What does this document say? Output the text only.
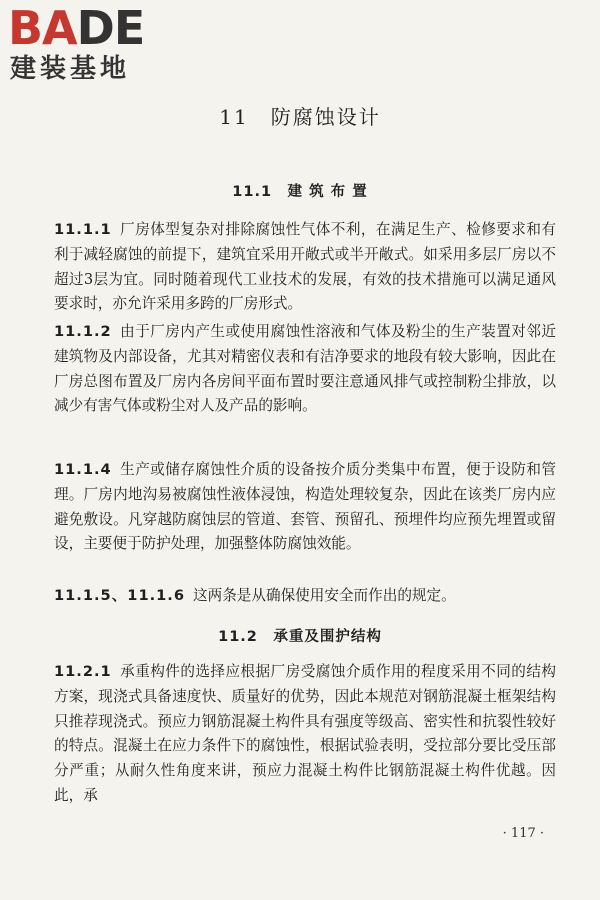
BADE
建装基地
11　防腐蚀设计
11.1　建 筑 布 置
11.1.1 厂房体型复杂对排除腐蚀性气体不利，在满足生产、检修要求和有利于减轻腐蚀的前提下，建筑宜采用开敞式或半开敞式。如采用多层厂房以不超过3层为宜。同时随着现代工业技术的发展，有效的技术措施可以满足通风要求时，亦允许采用多跨的厂房形式。
11.1.2 由于厂房内产生或使用腐蚀性溶液和气体及粉尘的生产装置对邻近建筑物及内部设备，尤其对精密仪表和有洁净要求的地段有较大影响，因此在厂房总图布置及厂房内各房间平面布置时要注意通风排气或控制粉尘排放，以减少有害气体或粉尘对人及产品的影响。
11.1.4 生产或储存腐蚀性介质的设备按介质分类集中布置，便于设防和管理。厂房内地沟易被腐蚀性液体浸蚀，构造处理较复杂，因此在该类厂房内应避免敷设。凡穿越防腐蚀层的管道、套管、预留孔、预埋件均应预先埋置或留设，主要便于防护处理，加强整体防腐蚀效能。
11.1.5、11.1.6 这两条是从确保使用安全而作出的规定。
11.2　承重及围护结构
11.2.1 承重构件的选择应根据厂房受腐蚀介质作用的程度采用不同的结构方案，现浇式具备速度快、质量好的优势，因此本规范对钢筋混凝土框架结构只推荐现浇式。预应力钢筋混凝土构件具有强度等级高、密实性和抗裂性较好的特点。混凝土在应力条件下的腐蚀性，根据试验表明，受拉部分要比受压部分严重；从耐久性角度来讲，预应力混凝土构件比钢筋混凝土构件优越。因此，承
· 117 ·
